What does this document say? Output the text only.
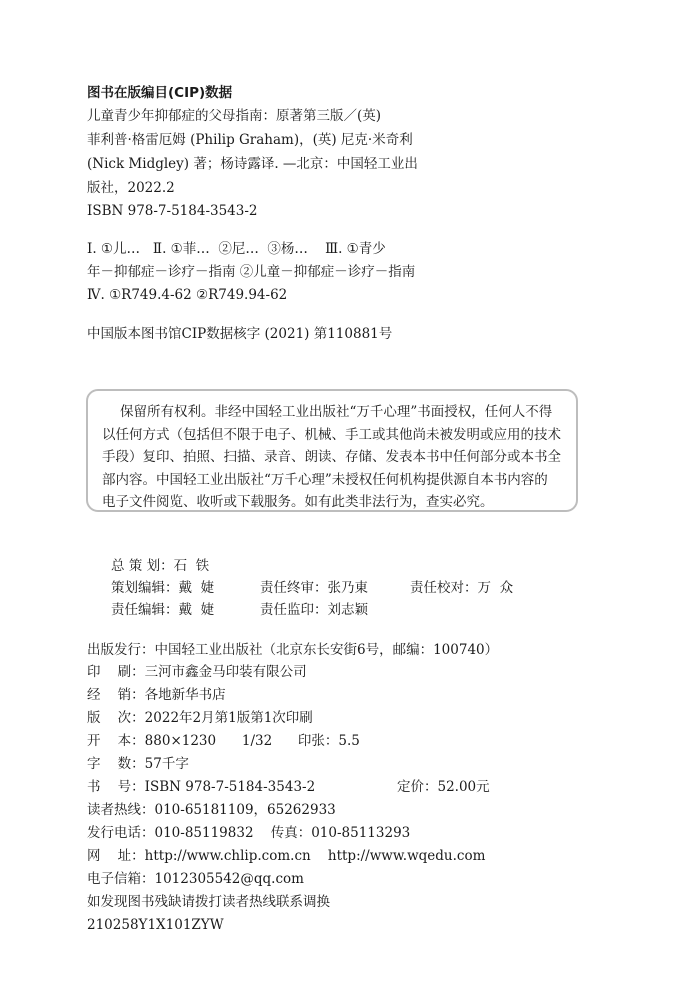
图书在版编目(CIP)数据
儿童青少年抑郁症的父母指南：原著第三版／(英)
菲利普·格雷厄姆 (Philip Graham)，(英) 尼克·米奇利
(Nick Midgley) 著；杨诗露译. —北京：中国轻工业出
版社，2022.2
ISBN 978-7-5184-3543-2
Ⅰ. ①儿…   Ⅱ. ①菲…  ②尼…  ③杨…    Ⅲ. ①青少
年－抑郁症－诊疗－指南 ②儿童－抑郁症－诊疗－指南
Ⅳ. ①R749.4-62 ②R749.94-62
中国版本图书馆CIP数据核字 (2021) 第110881号
保留所有权利。非经中国轻工业出版社“万千心理”书面授权，任何人不得
以任何方式（包括但不限于电子、机械、手工或其他尚未被发明或应用的技术
手段）复印、拍照、扫描、录音、朗读、存储、发表本书中任何部分或本书全
部内容。中国轻工业出版社“万千心理”未授权任何机构提供源自本书内容的
电子文件阅览、收听或下载服务。如有此类非法行为，查实必究。
总 策 划：石  铁
策划编辑：戴  婕	责任终审：张乃東	责任校对：万  众
责任编辑：戴  婕	责任监印：刘志颖
出版发行：中国轻工业出版社（北京东长安街6号，邮编：100740）
印    刷：三河市鑫金马印装有限公司
经    销：各地新华书店
版    次：2022年2月第1版第1次印刷
开    本：880×1230      1/32      印张：5.5
字    数：57千字
书    号：ISBN 978-7-5184-3543-2	定价：52.00元
读者热线：010-65181109，65262933
发行电话：010-85119832    传真：010-85113293
网    址：http://www.chlip.com.cn    http://www.wqedu.com
电子信箱：1012305542@qq.com
如发现图书残缺请拨打读者热线联系调换
210258Y1X101ZYW
